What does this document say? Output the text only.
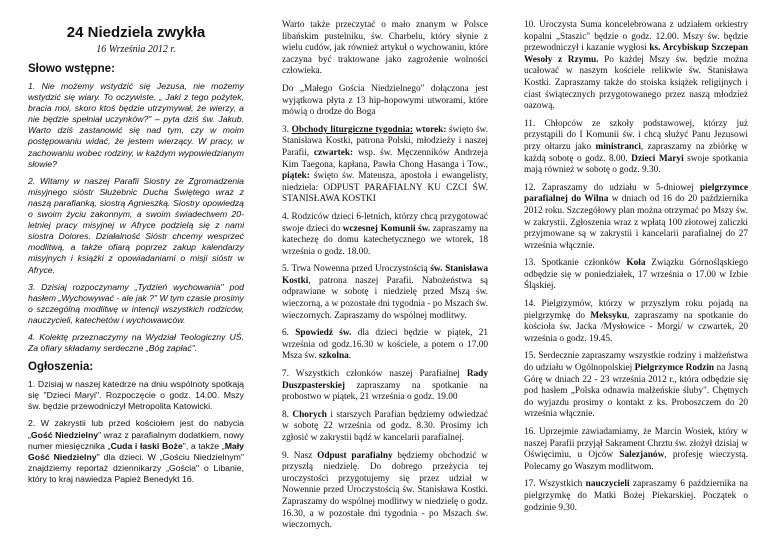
24 Niedziela zwykła
16 Września 2012 r.
Słowo wstępne:

1. Nie możemy wstydzić się Jezusa, nie możemy wstydzić się wiary. To oczywiste. „ Jaki z tego pożytek, bracia moi, skoro ktoś będzie utrzymywał, że wierzy, a nie będzie spełniał uczynków?" – pyta dziś św. Jakub. Warto dziś zastanowić się nad tym, czy w moim postępowaniu widać, że jestem wierzący. W pracy, w zachowaniu wobec rodziny, w każdym wypowiedzianym słowie?

2. Witamy w naszej Parafii Siostry ze Zgromadzenia misyjnego sióstr Służebnic Ducha Świętego wraz z naszą parafianką, siostrą Agnieszką. Siostry opowiedzą o swoim życiu zakonnym, a swoim świadectwem 20-letniej pracy misyjnej w Afryce podzielą się z nami siostra Dolores. Działalność Sióstr chcemy wesprzeć modlitwą, a także ofiarą poprzez zakup kalendarzy misyjnych i książki z opowiadaniami o misji sióstr w Afryce.

3. Dzisiaj rozpoczynamy „Tydzień wychowania" pod hasłem „Wychowywać - ale jak ?" W tym czasie prosimy o szczególną modlitwę w intencji wszystkich rodziców, nauczycieli, katechetów i wychowawców.

4. Kolektę przeznaczymy na Wydział Teologiczny UŚ. Za ofiary składamy serdeczne „Bóg zapłać".

Ogłoszenia:

1. Dzisiaj w naszej katedrze na dniu wspólnoty spotkają się "Dzieci Maryi". Rozpoczęcie o godz. 14.00. Mszy św. będzie przewodniczył Metropolita Katowicki.

2. W zakrystii lub przed kościołem jest do nabycia „Gość Niedzielny" wraz z parafialnym dodatkiem, nowy numer miesięcznika „Cuda i łaski Boże", a także „Mały Gość Niedzielny" dla dzieci. W „Gościu Niedzielnym" znajdziemy reportaż dziennikarzy „Gościa" o Libanie, który to kraj nawiedza Papież Benedykt 16.

Warto także przeczytać o mało znanym w Polsce libańskim pustelniku, św. Charbelu, który słynie z wielu cudów, jak również artykuł o wychowaniu, które zaczyna być traktowane jako zagrożenie wolności człowieka.

Do „Małego Gościa Niedzielnego" dołączona jest wyjątkowa płyta z 13 hip-hopowymi utworami, które mówią o drodze do Boga

3. Obchody liturgiczne tygodnia: wtorek: święto św. Stanisława Kostki, patrona Polski, młodzieży i naszej Parafii, czwartek: wsp. św. Męczenników Andrzeja Kim Taegona, kapłana, Pawła Chong Hasanga i Tow., piątek: święto św. Mateusza, apostoła i ewangelisty, niedziela: ODPUST PARAFIALNY KU CZCI ŚW. STANISŁAWA KOSTKI

4. Rodziców dzieci 6-letnich, którzy chcą przygotować swoje dzieci do wczesnej Komunii św. zapraszamy na katechezę do domu katechetycznego we wtorek, 18 września o godz. 18.00.

5. Trwa Nowenna przed Uroczystością św. Stanisława Kostki, patrona naszej Parafii. Nabożeństwa są odprawiane w sobotę i niedzielę przed Mszą św. wieczorną, a w pozostałe dni tygodnia - po Mszach św. wieczornych. Zapraszamy do wspólnej modlitwy.

6. Spowiedź św. dla dzieci będzie w piątek, 21 września od godz.16.30 w kościele, a potem o 17.00 Msza św. szkolna.

7. Wszystkich członków naszej Parafialnej Rady Duszpasterskiej zapraszamy na spotkanie na probostwo w piątek, 21 września o godz. 19.00

8. Chorych i starszych Parafian będziemy odwiedzać w sobotę 22 września od godz. 8.30. Prosimy ich zgłosić w zakrystii bądź w kancelarii parafialnej.

9. Nasz Odpust parafialny będziemy obchodzić w przyszłą niedzielę. Do dobrego przeżycia tej uroczystości przygotujemy się przez udział w Nowennie przed Uroczystością św. Stanisława Kostki. Zapraszamy do wspólnej modlitwy w niedzielę o godz. 16.30, a w pozostałe dni tygodnia - po Mszach św. wieczornych.

10. Uroczysta Suma koncelebrowana z udziałem orkiestry kopalni „Staszic" będzie o godz. 12.00. Mszy św. będzie przewodniczył i kazanie wygłosi ks. Arcybiskup Szczepan Wesoły z Rzymu. Po każdej Mszy św. będzie można ucałować w naszym kościele relikwie św. Stanisława Kostki. Zapraszamy także do stoiska książek religijnych i ciast świątecznych przygotowanego przez naszą młodzież oazową.

11. Chłopców ze szkoły podstawowej, którzy już przystąpili do I Komunii św. i chcą służyć Panu Jezusowi przy ołtarzu jako ministranci, zapraszamy na zbiórkę w każdą sobotę o godz. 8.00. Dzieci Maryi swoje spotkania mają również w sobotę o godz. 9.30.

12. Zapraszamy do udziału w 5-dniowej pielgrzymce parafialnej do Wilna w dniach od 16 do 20 października 2012 roku. Szczegółowy plan można otrzymać po Mszy św. w zakrystii. Zgłoszenia wraz z wpłatą 100 złotowej zaliczki przyjmowane są w zakrystii i kancelarii parafialnej do 27 września włącznie.

13. Spotkanie członków Koła Związku Górnośląskiego odbędzie się w poniedziałek, 17 września o 17.00 w Izbie Śląskiej.

14. Pielgrzymów, którzy w przyszłym roku pojadą na pielgrzymkę do Meksyku, zapraszamy na spotkanie do kościoła św. Jacka /Mysłowice - Morgi/ w czwartek, 20 września o godz. 19.45.

15. Serdecznie zapraszamy wszystkie rodziny i małżeństwa do udziału w Ogólnopolskiej Pielgrzymce Rodzin na Jasną Górę w dniach 22 - 23 września 2012 r., która odbędzie się pod hasłem „Polska odnawia małżeńskie śluby". Chętnych do wyjazdu prosimy o kontakt z ks. Proboszczem do 20 września włącznie.

16. Uprzejmie zawiadamiamy, że Marcin Wosiek, który w naszej Parafii przyjął Sakrament Chrztu św. złożył dzisiaj w Oświęcimiu, u Ojców Salezjanów, profesję wieczystą. Polecamy go Waszym modlitwom.

17. Wszystkich nauczycieli zapraszamy 6 października na pielgrzymkę do Matki Bożej Piekarskiej. Początek o godzinie 9.30.
